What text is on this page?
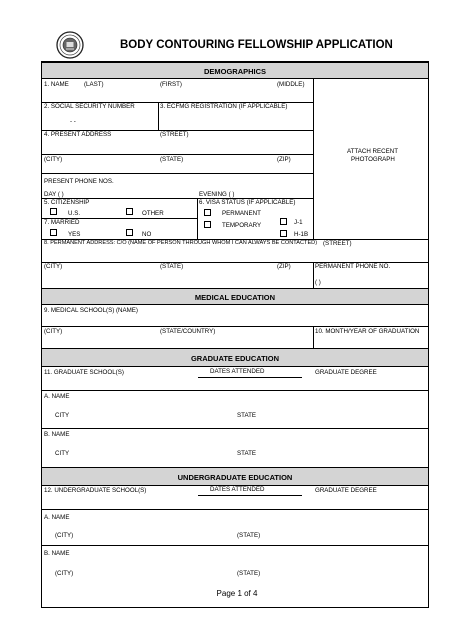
BODY CONTOURING FELLOWSHIP APPLICATION
DEMOGRAPHICS
1. NAME (LAST)	(FIRST)	(MIDDLE)
2. SOCIAL SECURITY NUMBER
- -
3. ECFMG REGISTRATION (IF APPLICABLE)
4. PRESENT ADDRESS	(STREET)
(CITY)	(STATE)	(ZIP)
ATTACH RECENT
PHOTOGRAPH
PRESENT PHONE NOS.
DAY ( )	EVENING ( )
5. CITIZENSHIP
U.S.	OTHER
6. VISA STATUS (IF APPLICABLE)
PERMANENT
TEMPORARY	J-1
H-1B
7. MARRIED
YES	NO
8. PERMANENT ADDRESS: C/O (NAME OF PERSON THROUGH WHOM I CAN ALWAYS BE CONTACTED) (STREET)
(CITY)	(STATE)	(ZIP)	PERMANENT PHONE NO.
( )
MEDICAL EDUCATION
9. MEDICAL SCHOOL(S) (NAME)
(CITY)	(STATE/COUNTRY)	10. MONTH/YEAR OF GRADUATION
GRADUATE EDUCATION
11. GRADUATE SCHOOL(S)	DATES ATTENDED	GRADUATE DEGREE
A. NAME
CITY	STATE
B. NAME
CITY	STATE
UNDERGRADUATE EDUCATION
12. UNDERGRADUATE SCHOOL(S)	DATES ATTENDED	GRADUATE DEGREE
A. NAME
(CITY)	(STATE)
B. NAME
(CITY)	(STATE)
Page 1 of 4
